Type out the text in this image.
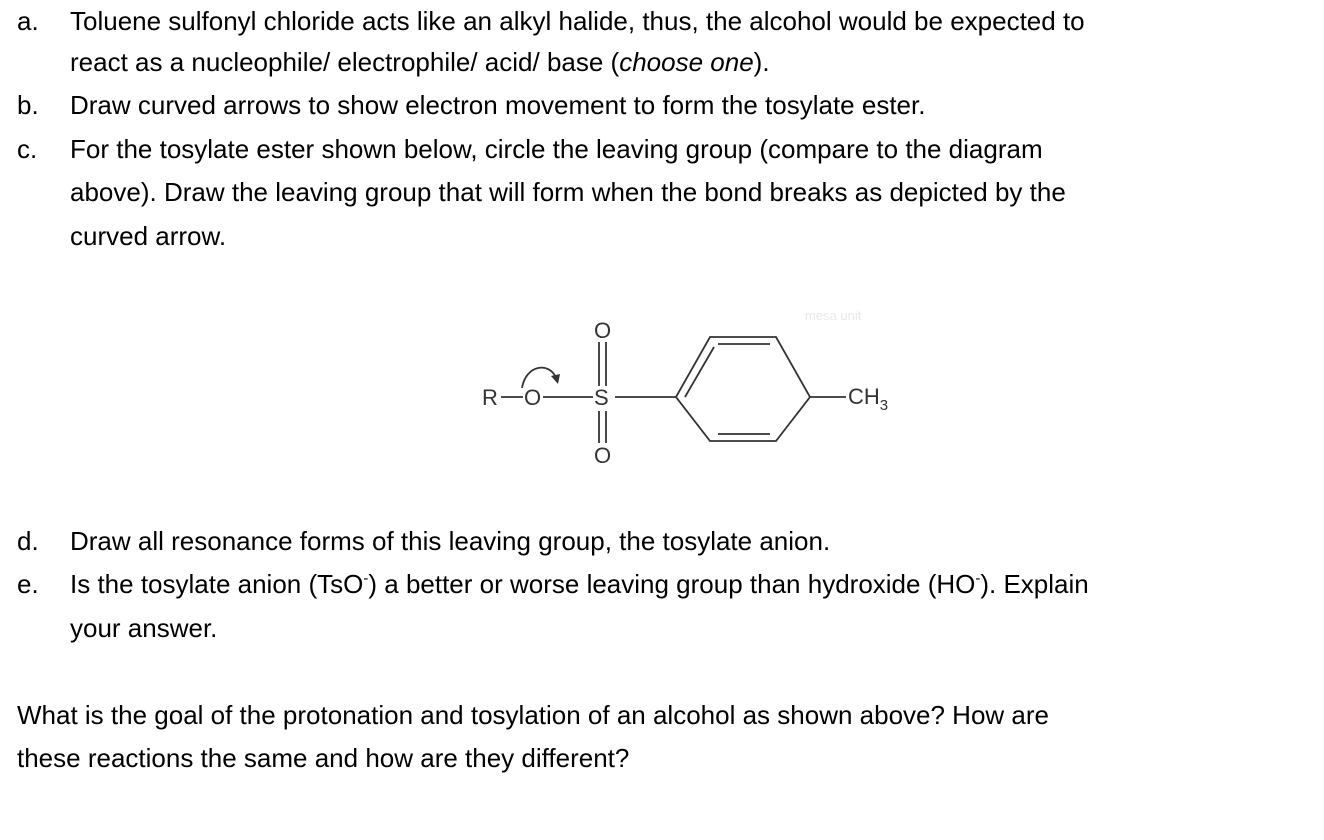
a. Toluene sulfonyl chloride acts like an alkyl halide, thus, the alcohol would be expected to
react as a nucleophile/ electrophile/ acid/ base (choose one).
b. Draw curved arrows to show electron movement to form the tosylate ester.
c. For the tosylate ester shown below, circle the leaving group (compare to the diagram
above). Draw the leaving group that will form when the bond breaks as depicted by the
curved arrow.
mesa unit
R O S
O
O
$CH_3$
d. Draw all resonance forms of this leaving group, the tosylate anion.
e. Is the tosylate anion (TsO-) a better or worse leaving group than hydroxide (HO-). Explain
your answer.
What is the goal of the protonation and tosylation of an alcohol as shown above? How are
these reactions the same and how are they different?
